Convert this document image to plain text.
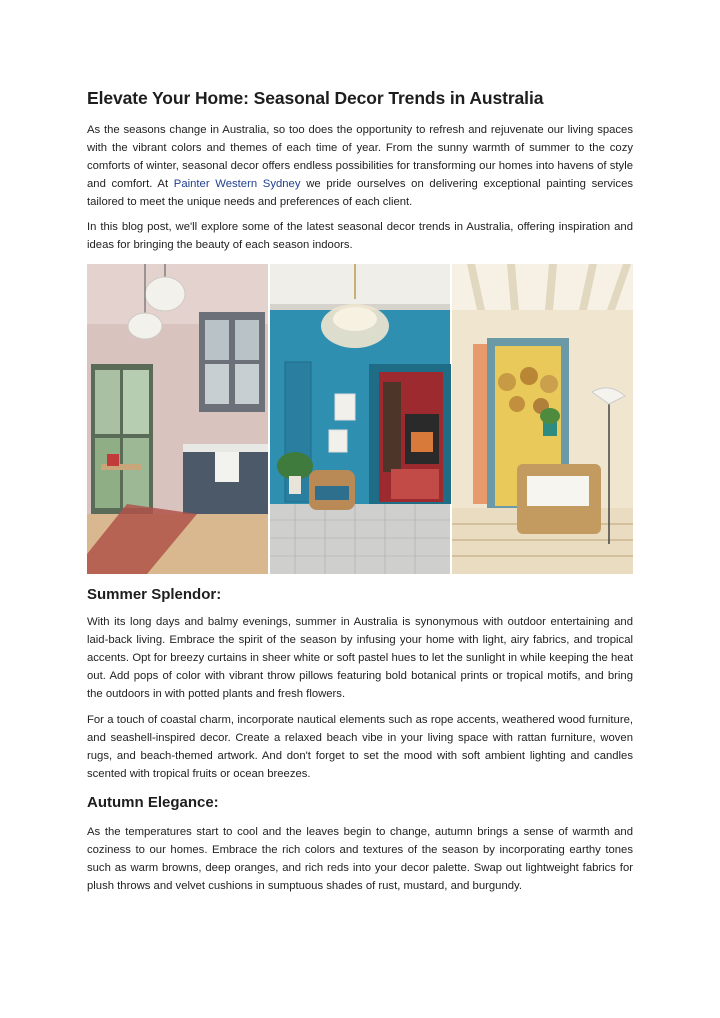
Elevate Your Home: Seasonal Decor Trends in Australia

As the seasons change in Australia, so too does the opportunity to refresh and rejuvenate our living spaces with the vibrant colors and themes of each time of year. From the sunny warmth of summer to the cozy comforts of winter, seasonal decor offers endless possibilities for transforming our homes into havens of style and comfort. At Painter Western Sydney we pride ourselves on delivering exceptional painting services tailored to meet the unique needs and preferences of each client.

In this blog post, we'll explore some of the latest seasonal decor trends in Australia, offering inspiration and ideas for bringing the beauty of each season indoors.

Summer Splendor:

With its long days and balmy evenings, summer in Australia is synonymous with outdoor entertaining and laid-back living. Embrace the spirit of the season by infusing your home with light, airy fabrics, and tropical accents. Opt for breezy curtains in sheer white or soft pastel hues to let the sunlight in while keeping the heat out. Add pops of color with vibrant throw pillows featuring bold botanical prints or tropical motifs, and bring the outdoors in with potted plants and fresh flowers.

For a touch of coastal charm, incorporate nautical elements such as rope accents, weathered wood furniture, and seashell-inspired decor. Create a relaxed beach vibe in your living space with rattan furniture, woven rugs, and beach-themed artwork. And don't forget to set the mood with soft ambient lighting and candles scented with tropical fruits or ocean breezes.

Autumn Elegance:

As the temperatures start to cool and the leaves begin to change, autumn brings a sense of warmth and coziness to our homes. Embrace the rich colors and textures of the season by incorporating earthy tones such as warm browns, deep oranges, and rich reds into your decor palette. Swap out lightweight fabrics for plush throws and velvet cushions in sumptuous shades of rust, mustard, and burgundy.
